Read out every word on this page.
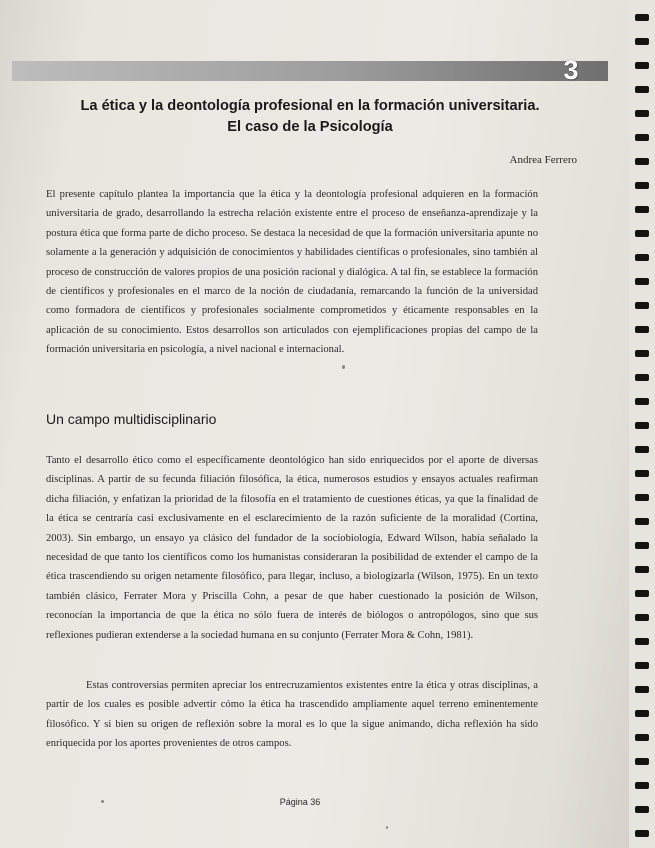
3
La ética y la deontología profesional en la formación universitaria.
El caso de la Psicología
Andrea Ferrero

El presente capítulo plantea la importancia que la ética y la deontología profesional adquieren en la formación universitaria de grado, desarrollando la estrecha relación existente entre el proceso de enseñanza-aprendizaje y la postura ética que forma parte de dicho proceso. Se destaca la necesidad de que la formación universitaria apunte no solamente a la generación y adquisición de conocimientos y habilidades científicas o profesionales, sino también al proceso de construcción de valores propios de una posición racional y dialógica. A tal fin, se establece la formación de científicos y profesionales en el marco de la noción de ciudadanía, remarcando la función de la universidad como formadora de científicos y profesionales socialmente comprometidos y éticamente responsables en la aplicación de su conocimiento. Estos desarrollos son articulados con ejemplificaciones propias del campo de la formación universitaria en psicología, a nivel nacional e internacional.

Un campo multidisciplinario

Tanto el desarrollo ético como el específicamente deontológico han sido enriquecidos por el aporte de diversas disciplinas. A partir de su fecunda filiación filosófica, la ética, numerosos estudios y ensayos actuales reafirman dicha filiación, y enfatizan la prioridad de la filosofía en el tratamiento de cuestiones éticas, ya que la finalidad de la ética se centraría casi exclusivamente en el esclarecimiento de la razón suficiente de la moralidad (Cortina, 2003). Sin embargo, un ensayo ya clásico del fundador de la sociobiología, Edward Wilson, había señalado la necesidad de que tanto los científicos como los humanistas consideraran la posibilidad de extender el campo de la ética trascendiendo su origen netamente filosófico, para llegar, incluso, a biologizarla (Wilson, 1975). En un texto también clásico, Ferrater Mora y Priscilla Cohn, a pesar de que haber cuestionado la posición de Wilson, reconocían la importancia de que la ética no sólo fuera de interés de biólogos o antropólogos, sino que sus reflexiones pudieran extenderse a la sociedad humana en su conjunto (Ferrater Mora & Cohn, 1981).

Estas controversias permiten apreciar los entrecruzamientos existentes entre la ética y otras disciplinas, a partir de los cuales es posible advertir cómo la ética ha trascendido ampliamente aquel terreno eminentemente filosófico. Y si bien su origen de reflexión sobre la moral es lo que la sigue animando, dicha reflexión ha sido enriquecida por los aportes provenientes de otros campos.

Página 36
